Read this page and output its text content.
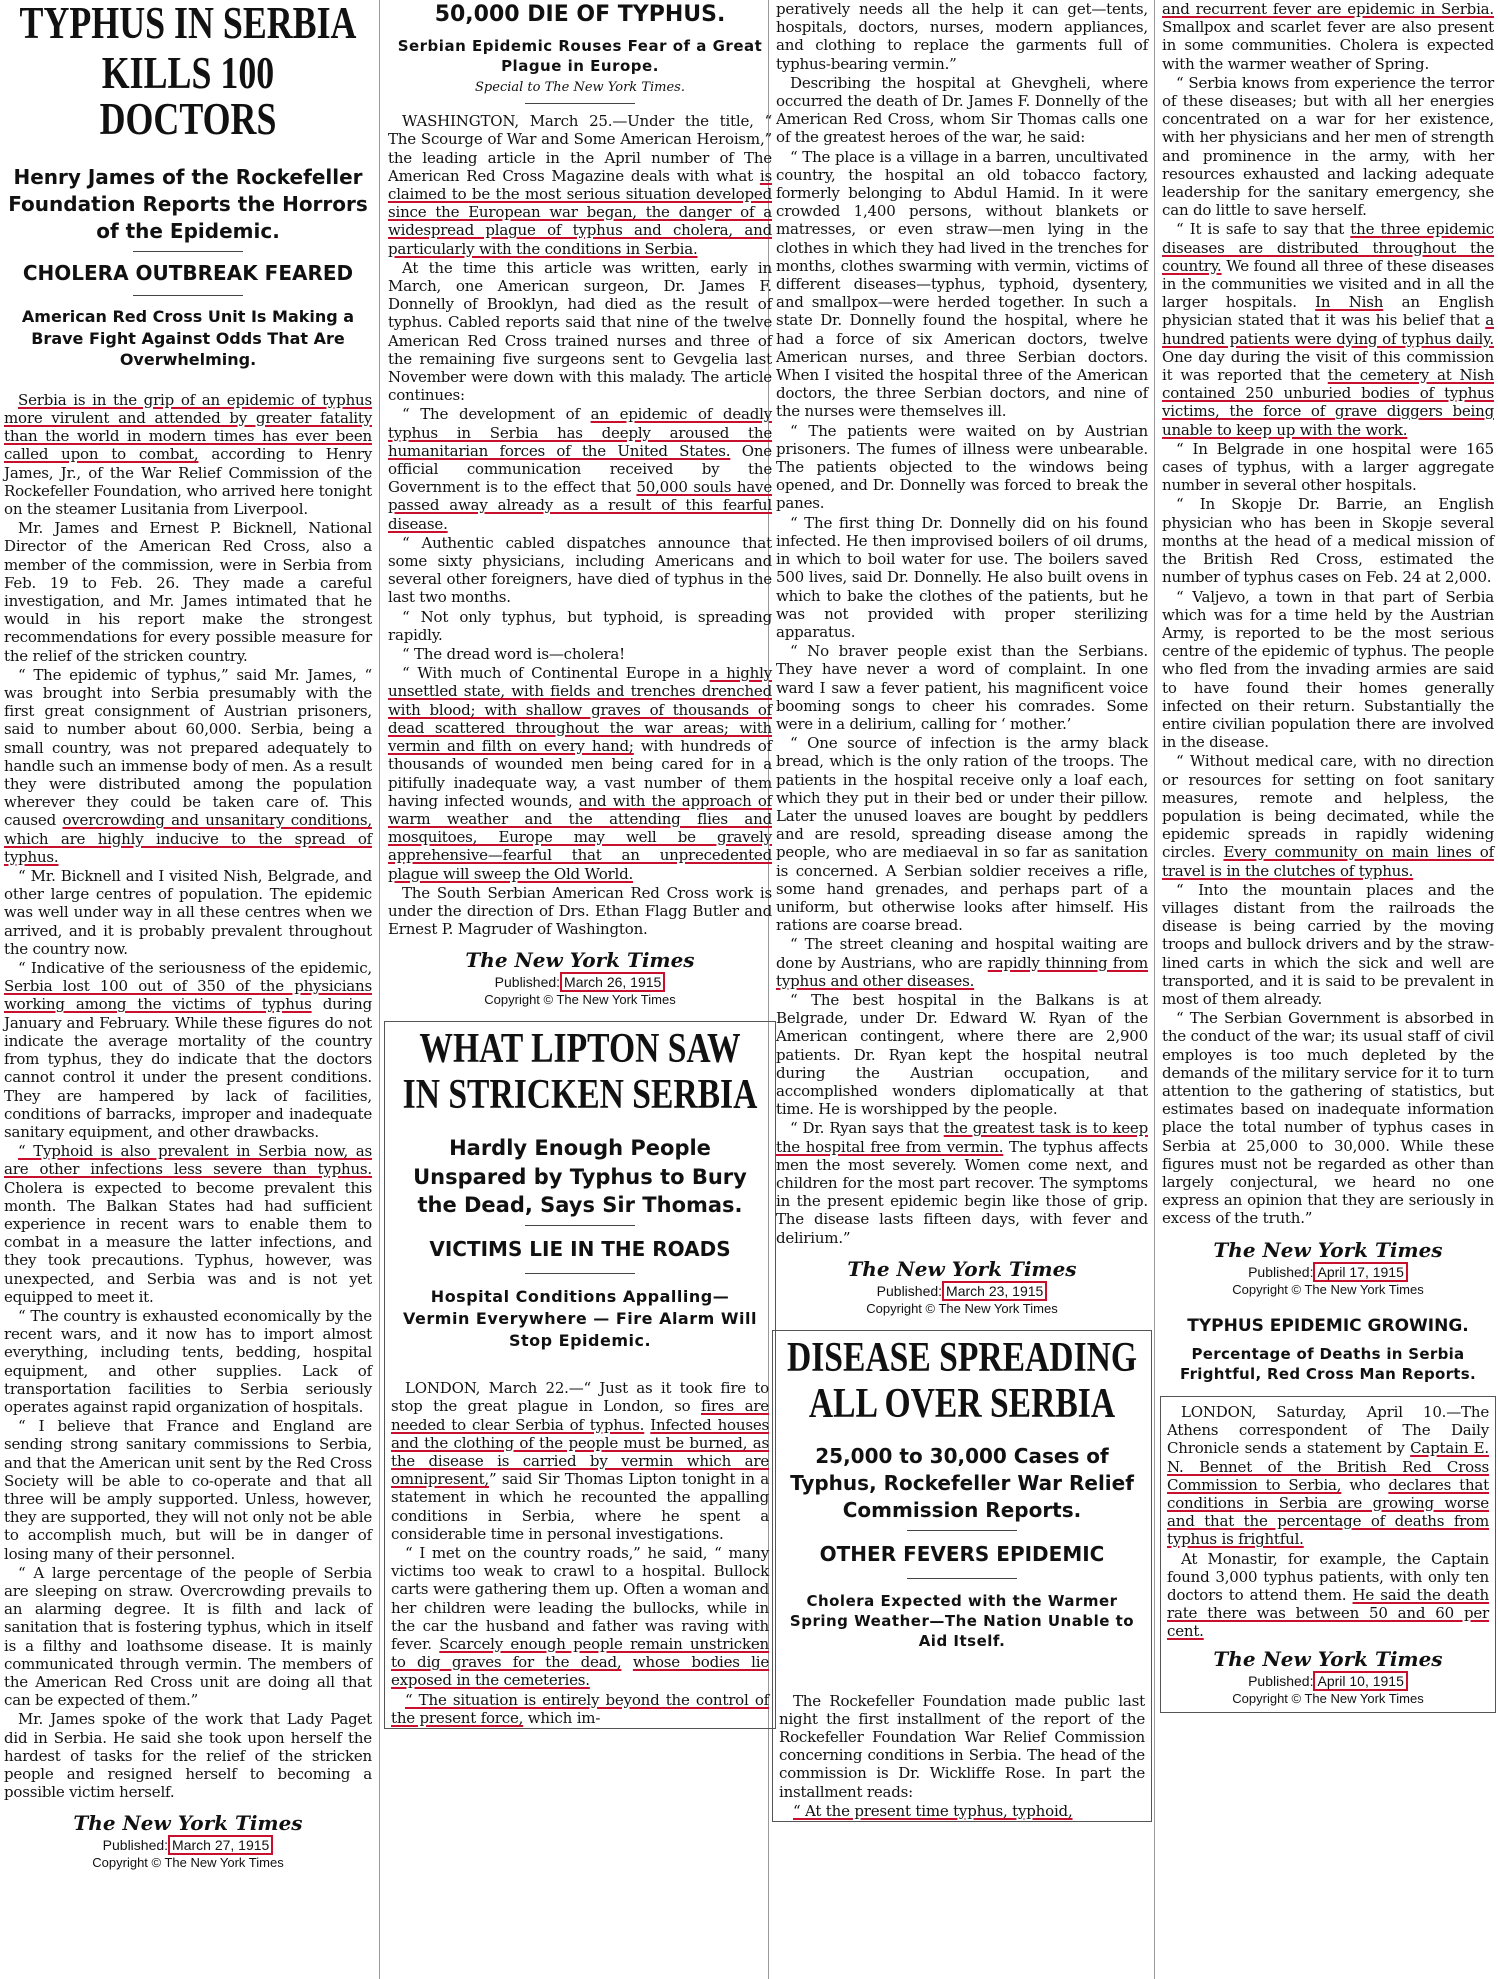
TYPHUS IN SERBIA
KILLS 100 DOCTORS
Henry James of the Rockefeller Foundation Reports the Horrors of the Epidemic.
CHOLERA OUTBREAK FEARED
American Red Cross Unit Is Making a Brave Fight Against Odds That Are Overwhelming.

Serbia is in the grip of an epidemic of typhus more virulent and attended by greater fatality than the world in modern times has ever been called upon to combat, according to Henry James, Jr., of the War Relief Commission of the Rockefeller Foundation, who arrived here tonight on the steamer Lusitania from Liverpool.

Mr. James and Ernest P. Bicknell, National Director of the American Red Cross, also a member of the commission, were in Serbia from Feb. 19 to Feb. 26. They made a careful investigation, and Mr. James intimated that he would in his report make the strongest recommendations for every possible measure for the relief of the stricken country.

“ The epidemic of typhus,” said Mr. James, “ was brought into Serbia presumably with the first great consignment of Austrian prisoners, said to number about 60,000. Serbia, being a small country, was not prepared adequately to handle such an immense body of men. As a result they were distributed among the population wherever they could be taken care of. This caused overcrowding and unsanitary conditions, which are highly inducive to the spread of typhus.

“ Mr. Bicknell and I visited Nish, Belgrade, and other large centres of population. The epidemic was well under way in all these centres when we arrived, and it is probably prevalent throughout the country now.

“ Indicative of the seriousness of the epidemic, Serbia lost 100 out of 350 of the physicians working among the victims of typhus during January and February. While these figures do not indicate the average mortality of the country from typhus, they do indicate that the doctors cannot control it under the present conditions. They are hampered by lack of facilities, conditions of barracks, improper and inadequate sanitary equipment, and other drawbacks.

“ Typhoid is also prevalent in Serbia now, as are other infections less severe than typhus. Cholera is expected to become prevalent this month. The Balkan States had had sufficient experience in recent wars to enable them to combat in a measure the latter infections, and they took precautions. Typhus, however, was unexpected, and Serbia was and is not yet equipped to meet it.

“ The country is exhausted economically by the recent wars, and it now has to import almost everything, including tents, bedding, hospital equipment, and other supplies. Lack of transportation facilities to Serbia seriously operates against rapid organization of hospitals.

“ I believe that France and England are sending strong sanitary commissions to Serbia, and that the American unit sent by the Red Cross Society will be able to co-operate and that all three will be amply supported. Unless, however, they are supported, they will not only not be able to accomplish much, but will be in danger of losing many of their personnel.

“ A large percentage of the people of Serbia are sleeping on straw. Overcrowding prevails to an alarming degree. It is filth and lack of sanitation that is fostering typhus, which in itself is a filthy and loathsome disease. It is mainly communicated through vermin. The members of the American Red Cross unit are doing all that can be expected of them.”

Mr. James spoke of the work that Lady Paget did in Serbia. He said she took upon herself the hardest of tasks for the relief of the stricken people and resigned herself to becoming a possible victim herself.

The New York Times
Published: March 27, 1915
Copyright © The New York Times
50,000 DIE OF TYPHUS.
Serbian Epidemic Rouses Fear of a Great Plague in Europe.
Special to The New York Times.

WASHINGTON, March 25.—Under the title, “ The Scourge of War and Some American Heroism,” the leading article in the April number of The American Red Cross Magazine deals with what is claimed to be the most serious situation developed since the European war began, the danger of a widespread plague of typhus and cholera, and particularly with the conditions in Serbia.

At the time this article was written, early in March, one American surgeon, Dr. James F. Donnelly of Brooklyn, had died as the result of typhus. Cabled reports said that nine of the twelve American Red Cross trained nurses and three of the remaining five surgeons sent to Gevgelia last November were down with this malady. The article continues:

“ The development of an epidemic of deadly typhus in Serbia has deeply aroused the humanitarian forces of the United States. One official communication received by the Government is to the effect that 50,000 souls have passed away already as a result of this fearful disease.

“ Authentic cabled dispatches announce that some sixty physicians, including Americans and several other foreigners, have died of typhus in the last two months.

“ Not only typhus, but typhoid, is spreading rapidly.

“ The dread word is—cholera!

“ With much of Continental Europe in a highly unsettled state, with fields and trenches drenched with blood; with shallow graves of thousands of dead scattered throughout the war areas; with vermin and filth on every hand; with hundreds of thousands of wounded men being cared for in a pitifully inadequate way, a vast number of them having infected wounds, and with the approach of warm weather and the attending flies and mosquitoes, Europe may well be gravely apprehensive—fearful that an unprecedented plague will sweep the Old World.

The South Serbian American Red Cross work is under the direction of Drs. Ethan Flagg Butler and Ernest P. Magruder of Washington.

The New York Times
Published: March 26, 1915
Copyright © The New York Times
WHAT LIPTON SAW
IN STRICKEN SERBIA
Hardly Enough People Unspared by Typhus to Bury the Dead, Says Sir Thomas.
VICTIMS LIE IN THE ROADS
Hospital Conditions Appalling—Vermin Everywhere — Fire Alarm Will Stop Epidemic.

LONDON, March 22.—“ Just as it took fire to stop the great plague in London, so fires are needed to clear Serbia of typhus. Infected houses and the clothing of the people must be burned, as the disease is carried by vermin which are omnipresent,” said Sir Thomas Lipton tonight in a statement in which he recounted the appalling conditions in Serbia, where he spent a considerable time in personal investigations.

“ I met on the country roads,” he said, “ many victims too weak to crawl to a hospital. Bullock carts were gathering them up. Often a woman and her children were leading the bullocks, while in the car the husband and father was raving with fever. Scarcely enough people remain unstricken to dig graves for the dead, whose bodies lie exposed in the cemeteries.

“ The situation is entirely beyond the control of the present force, which im-

peratively needs all the help it can get—tents, hospitals, doctors, nurses, modern appliances, and clothing to replace the garments full of typhus-bearing vermin.”

Describing the hospital at Ghevgheli, where occurred the death of Dr. James F. Donnelly of the American Red Cross, whom Sir Thomas calls one of the greatest heroes of the war, he said:

“ The place is a village in a barren, uncultivated country, the hospital an old tobacco factory, formerly belonging to Abdul Hamid. In it were crowded 1,400 persons, without blankets or matresses, or even straw—men lying in the clothes in which they had lived in the trenches for months, clothes swarming with vermin, victims of different diseases—typhus, typhoid, dysentery, and smallpox—were herded together. In such a state Dr. Donnelly found the hospital, where he had a force of six American doctors, twelve American nurses, and three Serbian doctors. When I visited the hospital three of the American doctors, the three Serbian doctors, and nine of the nurses were themselves ill.

“ The patients were waited on by Austrian prisoners. The fumes of illness were unbearable. The patients objected to the windows being opened, and Dr. Donnelly was forced to break the panes.

“ The first thing Dr. Donnelly did on his found infected. He then improvised boilers of oil drums, in which to boil water for use. The boilers saved 500 lives, said Dr. Donnelly. He also built ovens in which to bake the clothes of the patients, but he was not provided with proper sterilizing apparatus.

“ No braver people exist than the Serbians. They have never a word of complaint. In one ward I saw a fever patient, his magnificent voice booming songs to cheer his comrades. Some were in a delirium, calling for ‘ mother.’

“ One source of infection is the army black bread, which is the only ration of the troops. The patients in the hospital receive only a loaf each, which they put in their bed or under their pillow. Later the unused loaves are bought by peddlers and are resold, spreading disease among the people, who are mediaeval in so far as sanitation is concerned. A Serbian soldier receives a rifle, some hand grenades, and perhaps part of a uniform, but otherwise looks after himself. His rations are coarse bread.

“ The street cleaning and hospital waiting are done by Austrians, who are rapidly thinning from typhus and other diseases.

“ The best hospital in the Balkans is at Belgrade, under Dr. Edward W. Ryan of the American contingent, where there are 2,900 patients. Dr. Ryan kept the hospital neutral during the Austrian occupation, and accomplished wonders diplomatically at that time. He is worshipped by the people.

“ Dr. Ryan says that the greatest task is to keep the hospital free from vermin. The typhus affects men the most severely. Women come next, and children for the most part recover. The symptoms in the present epidemic begin like those of grip. The disease lasts fifteen days, with fever and delirium.”

The New York Times
Published: March 23, 1915
Copyright © The New York Times
DISEASE SPREADING
ALL OVER SERBIA
25,000 to 30,000 Cases of Typhus, Rockefeller War Relief Commission Reports.
OTHER FEVERS EPIDEMIC
Cholera Expected with the Warmer Spring Weather—The Nation Unable to Aid Itself.

The Rockefeller Foundation made public last night the first installment of the report of the Rockefeller Foundation War Relief Commission concerning conditions in Serbia. The head of the commission is Dr. Wickliffe Rose. In part the installment reads:

“ At the present time typhus, typhoid,

and recurrent fever are epidemic in Serbia. Smallpox and scarlet fever are also present in some communities. Cholera is expected with the warmer weather of Spring.

“ Serbia knows from experience the terror of these diseases; but with all her energies concentrated on a war for her existence, with her physicians and her men of strength and prominence in the army, with her resources exhausted and lacking adequate leadership for the sanitary emergency, she can do little to save herself.

“ It is safe to say that the three epidemic diseases are distributed throughout the country. We found all three of these diseases in the communities we visited and in all the larger hospitals. In Nish an English physician stated that it was his belief that a hundred patients were dying of typhus daily. One day during the visit of this commission it was reported that the cemetery at Nish contained 250 unburied bodies of typhus victims, the force of grave diggers being unable to keep up with the work.

“ In Belgrade in one hospital were 165 cases of typhus, with a larger aggregate number in several other hospitals.

“ In Skopje Dr. Barrie, an English physician who has been in Skopje several months at the head of a medical mission of the British Red Cross, estimated the number of typhus cases on Feb. 24 at 2,000.

“ Valjevo, a town in that part of Serbia which was for a time held by the Austrian Army, is reported to be the most serious centre of the epidemic of typhus. The people who fled from the invading armies are said to have found their homes generally infected on their return. Substantially the entire civilian population there are involved in the disease.

“ Without medical care, with no direction or resources for setting on foot sanitary measures, remote and helpless, the population is being decimated, while the epidemic spreads in rapidly widening circles. Every community on main lines of travel is in the clutches of typhus.

“ Into the mountain places and the villages distant from the railroads the disease is being carried by the moving troops and bullock drivers and by the straw-lined carts in which the sick and well are transported, and it is said to be prevalent in most of them already.

“ The Serbian Government is absorbed in the conduct of the war; its usual staff of civil employes is too much depleted by the demands of the military service for it to turn attention to the gathering of statistics, but estimates based on inadequate information place the total number of typhus cases in Serbia at 25,000 to 30,000. While these figures must not be regarded as other than largely conjectural, we heard no one express an opinion that they are seriously in excess of the truth.”

The New York Times
Published: April 17, 1915
Copyright © The New York Times
TYPHUS EPIDEMIC GROWING.
Percentage of Deaths in Serbia Frightful, Red Cross Man Reports.

LONDON, Saturday, April 10.—The Athens correspondent of The Daily Chronicle sends a statement by Captain E. N. Bennet of the British Red Cross Commission to Serbia, who declares that conditions in Serbia are growing worse and that the percentage of deaths from typhus is frightful.

At Monastir, for example, the Captain found 3,000 typhus patients, with only ten doctors to attend them. He said the death rate there was between 50 and 60 per cent.

The New York Times
Published: April 10, 1915
Copyright © The New York Times
